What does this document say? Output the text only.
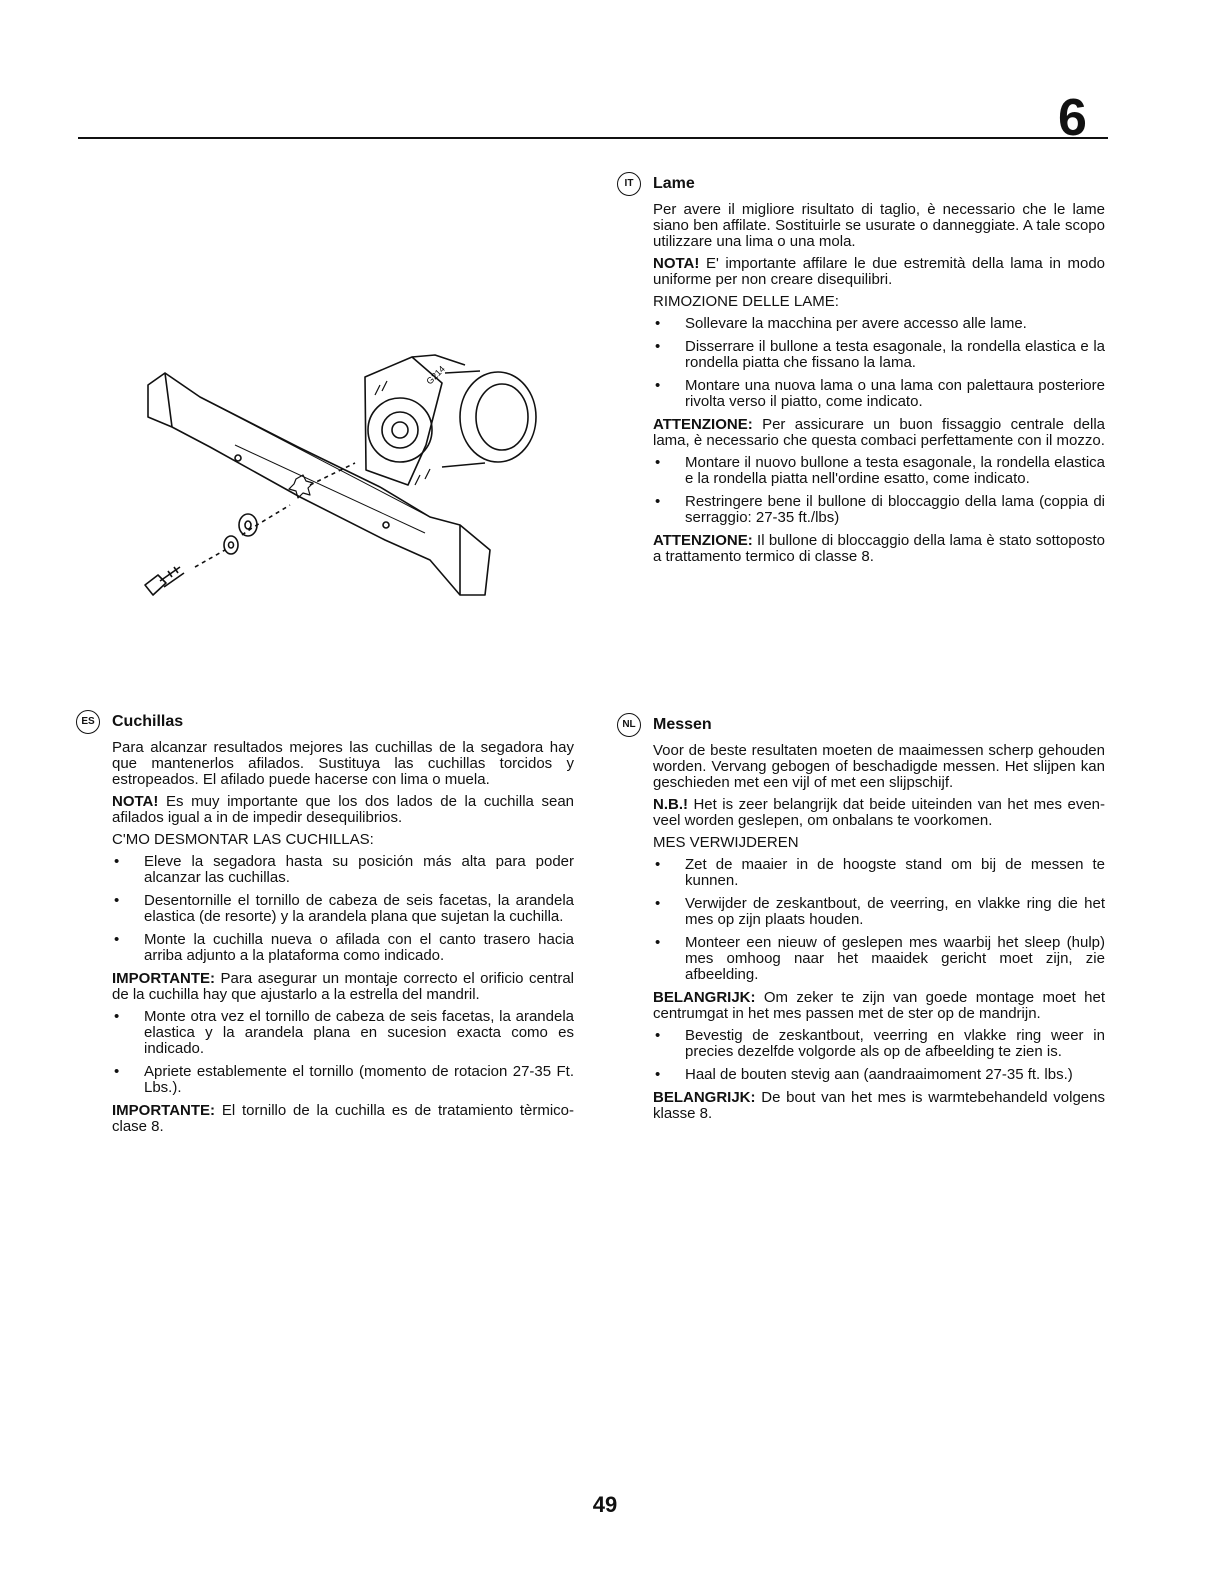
6
G214
IT	Lame

Per avere il migliore risultato di taglio, è necessario che le lame siano ben affilate. Sostituirle se usurate o danneggiate. A tale scopo utilizzare una lima o una mola.

NOTA! E' importante affilare le due estremità della lama in modo uniforme per non creare disequilibri.

RIMOZIONE DELLE LAME:

• Sollevare la macchina per avere accesso alle lame.
• Disserrare il bullone a testa esagonale, la rondella elastica e la rondella piatta che fissano la lama.
• Montare una nuova lama o una lama con palettaura posteriore rivolta verso il piatto, come indicato.

ATTENZIONE: Per assicurare un buon fissaggio centrale della lama, è necessario che questa combaci perfettamente con il mozzo.

• Montare il nuovo bullone a testa esagonale, la rondella elastica e la rondella piatta nell'ordine esatto, come indicato.
• Restringere bene il bullone di bloccaggio della lama (coppia di serraggio: 27-35 ft./lbs)

ATTENZIONE: Il bullone di bloccaggio della lama è stato sottoposto a trattamento termico di classe 8.

ES	Cuchillas

Para alcanzar resultados mejores las cuchillas de la segadora hay que mantenerlos afilados. Sustituya las cuchillas torcidos y estropeados. El afilado puede hacerse con lima o muela.

NOTA! Es muy importante que los dos lados de la cuchilla sean afilados igual a in de impedir desequilibrios.

C'MO DESMONTAR LAS CUCHILLAS:

• Eleve la segadora hasta su posición más alta para poder alcanzar las cuchillas.
• Desentornille el tornillo de cabeza de seis facetas, la arandela elastica (de resorte) y la arandela plana que sujetan la cuchilla.
• Monte la cuchilla nueva o afilada con el canto trasero hacia arriba adjunto a la plataforma como indicado.

IMPORTANTE: Para asegurar un montaje correcto el orificio central de la cuchilla hay que ajustarlo a la estrella del mandril.

• Monte otra vez el tornillo de cabeza de seis facetas, la arandela elastica y la arandela plana en sucesion exacta como es indicado.
• Apriete establemente el tornillo (momento de rotacion 27-35 Ft. Lbs.).

IMPORTANTE: El tornillo de la cuchilla es de tratamiento tèrmico-clase 8.

NL	Messen

Voor de beste resultaten moeten de maaimessen scherp gehouden worden. Vervang gebogen of beschadigde messen. Het slijpen kan geschieden met een vijl of met een slijpschijf.

N.B.! Het is zeer belangrijk dat beide uiteinden van het mes even-veel worden geslepen, om onbalans te voorkomen.

MES VERWIJDEREN

• Zet de maaier in de hoogste stand om bij de messen te kunnen.
• Verwijder de zeskantbout, de veerring, en vlakke ring die het mes op zijn plaats houden.
• Monteer een nieuw of geslepen mes waarbij het sleep (hulp) mes omhoog naar het maaidek gericht moet zijn, zie afbeelding.

BELANGRIJK: Om zeker te zijn van goede montage moet het centrumgat in het mes passen met de ster op de mandrijn.

• Bevestig de zeskantbout, veerring en vlakke ring weer in precies dezelfde volgorde als op de afbeelding te zien is.
• Haal de bouten stevig aan (aandraaimoment 27-35 ft. lbs.)

BELANGRIJK: De bout van het mes is warmtebehandeld volgens klasse 8.

49
